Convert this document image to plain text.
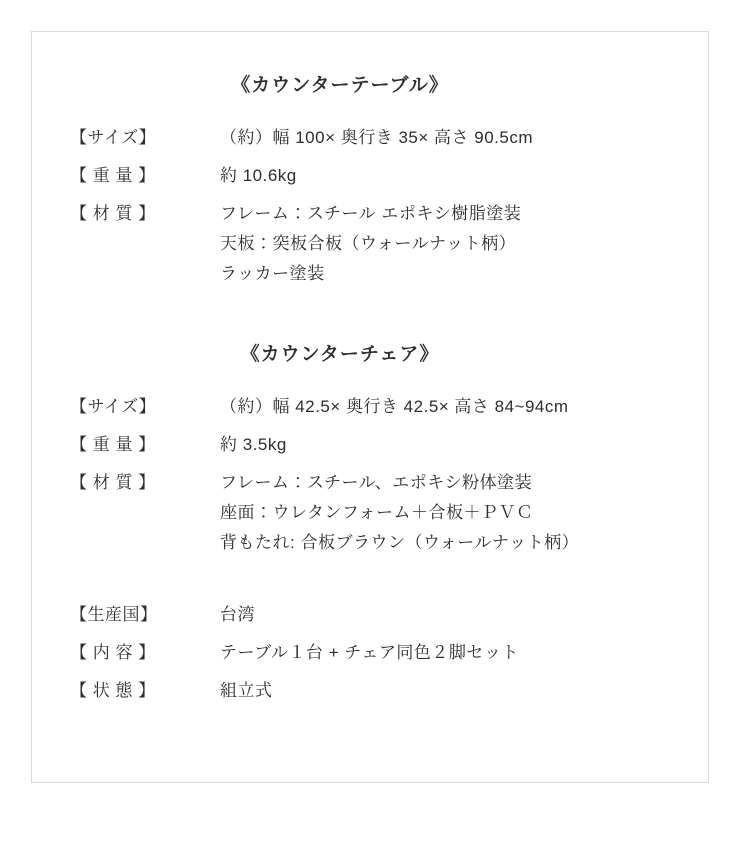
《カウンターテーブル》
【サイズ】	（約）幅 100× 奥行き 35× 高さ 90.5cm
【 重 量 】	約 10.6kg
【 材 質 】	フレーム：スチール エポキシ樹脂塗装
天板：突板合板（ウォールナット柄）
ラッカー塗装
《カウンターチェア》
【サイズ】	（約）幅 42.5× 奥行き 42.5× 高さ 84~94cm
【 重 量 】	約 3.5kg
【 材 質 】	フレーム：スチール、エポキシ粉体塗装
座面：ウレタンフォーム＋合板＋ＰＶＣ
背もたれ: 合板ブラウン（ウォールナット柄）
【生産国】	台湾
【 内 容 】	テーブル１台 + チェア同色２脚セット
【 状 態 】	組立式
